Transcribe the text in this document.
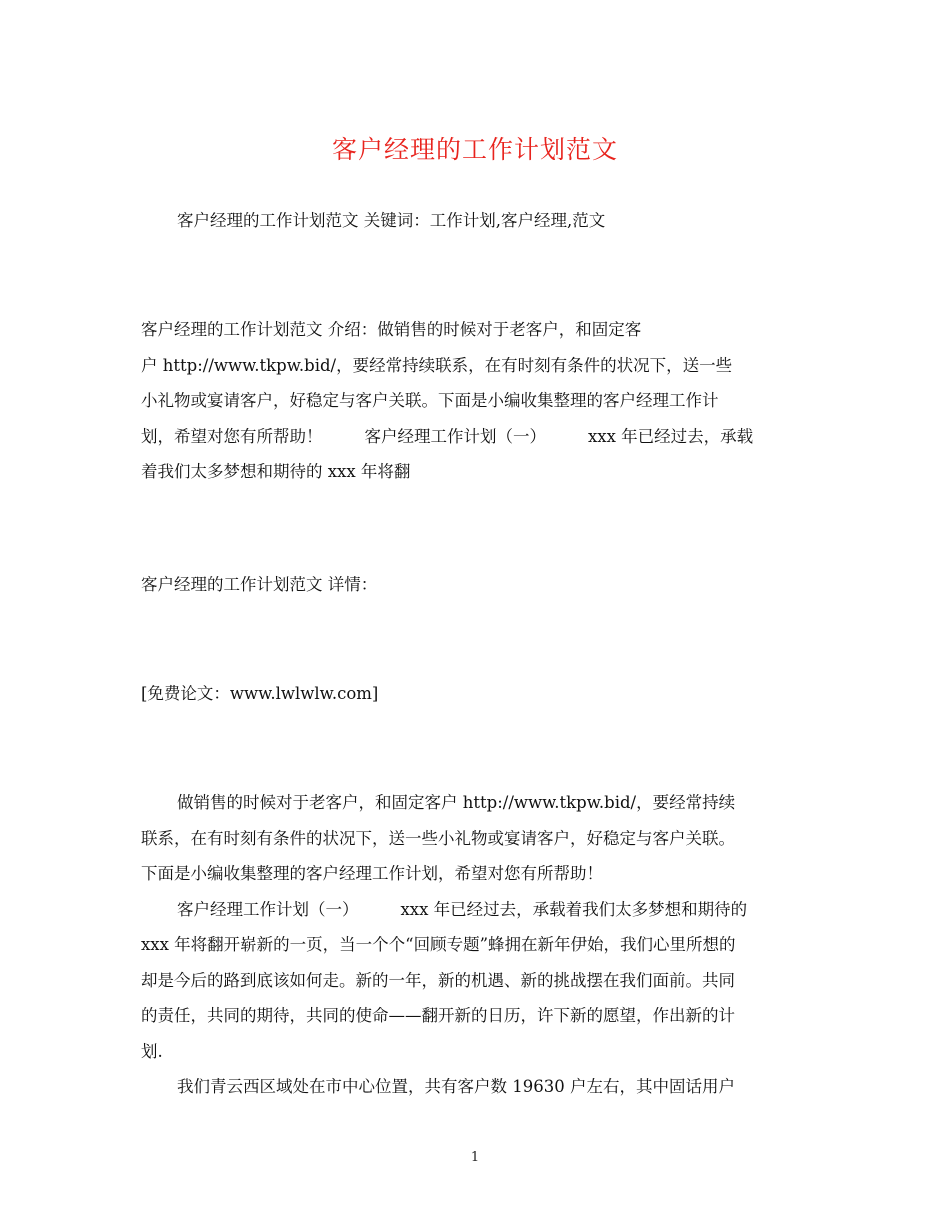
客户经理的工作计划范文
客户经理的工作计划范文 关键词：工作计划,客户经理,范文
客户经理的工作计划范文 介绍：做销售的时候对于老客户，和固定客
户 http://www.tkpw.bid/，要经常持续联系，在有时刻有条件的状况下，送一些
小礼物或宴请客户，好稳定与客户关联。下面是小编收集整理的客户经理工作计
划，希望对您有所帮助！	客户经理工作计划（一）	xxx 年已经过去，承载
着我们太多梦想和期待的 xxx 年将翻
客户经理的工作计划范文 详情：
[免费论文：www.lwlwlw.com]
做销售的时候对于老客户，和固定客户 http://www.tkpw.bid/，要经常持续
联系，在有时刻有条件的状况下，送一些小礼物或宴请客户，好稳定与客户关联。
下面是小编收集整理的客户经理工作计划，希望对您有所帮助！
客户经理工作计划（一）	xxx 年已经过去，承载着我们太多梦想和期待的
xxx 年将翻开崭新的一页，当一个个“回顾专题”蜂拥在新年伊始，我们心里所想的
却是今后的路到底该如何走。新的一年，新的机遇、新的挑战摆在我们面前。共同
的责任，共同的期待，共同的使命——翻开新的日历，许下新的愿望，作出新的计
划.
我们青云西区域处在市中心位置，共有客户数 19630 户左右，其中固话用户
1
